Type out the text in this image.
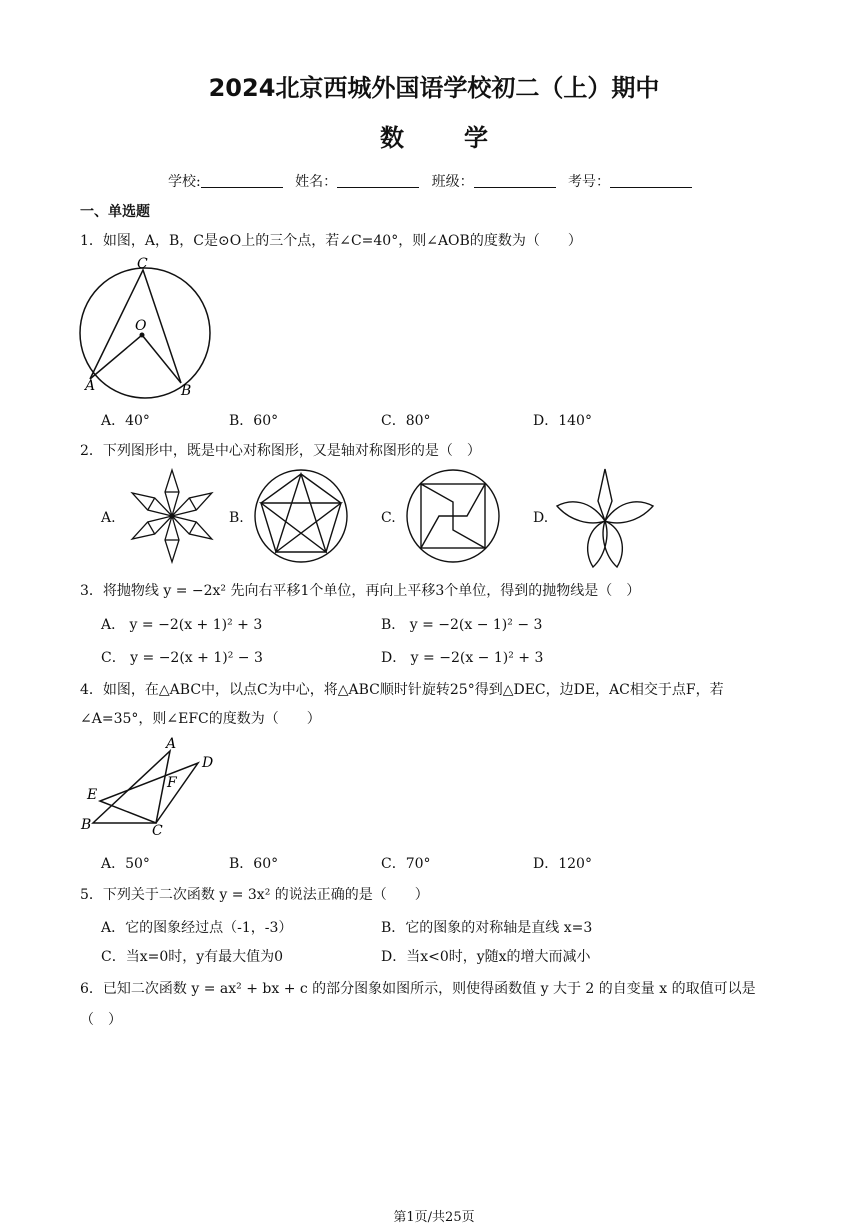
2024北京西城外国语学校初二（上）期中
数学
学校:	姓名：	班级：	考号：
一、单选题
1．如图，A，B，C是⊙O上的三个点，若∠C=40°，则∠AOB的度数为（　　）
C
O
A	B
A．40°	B．60°	C．80°	D．140°
2．下列图形中，既是中心对称图形，又是轴对称图形的是（　）
A.	B.	C.	D.
3．将抛物线 y = −2x² 先向右平移1个单位，再向上平移3个单位，得到的抛物线是（　）
A． y = −2(x + 1)² + 3	B． y = −2(x − 1)² − 3
C． y = −2(x + 1)² − 3	D． y = −2(x − 1)² + 3
4．如图，在△ABC中，以点C为中心，将△ABC顺时针旋转25°得到△DEC，边DE，AC相交于点F，若
∠A=35°，则∠EFC的度数为（　　）
A
D
F
E
B	C
A．50°	B．60°	C．70°	D．120°
5．下列关于二次函数 y = 3x² 的说法正确的是（　　）
A．它的图象经过点（-1，-3）	B．它的图象的对称轴是直线 x=3
C．当x=0时，y有最大值为0	D．当x<0时，y随x的增大而减小
6．已知二次函数 y = ax² + bx + c 的部分图象如图所示，则使得函数值 y 大于 2 的自变量 x 的取值可以是
（　）
第1页/共25页
